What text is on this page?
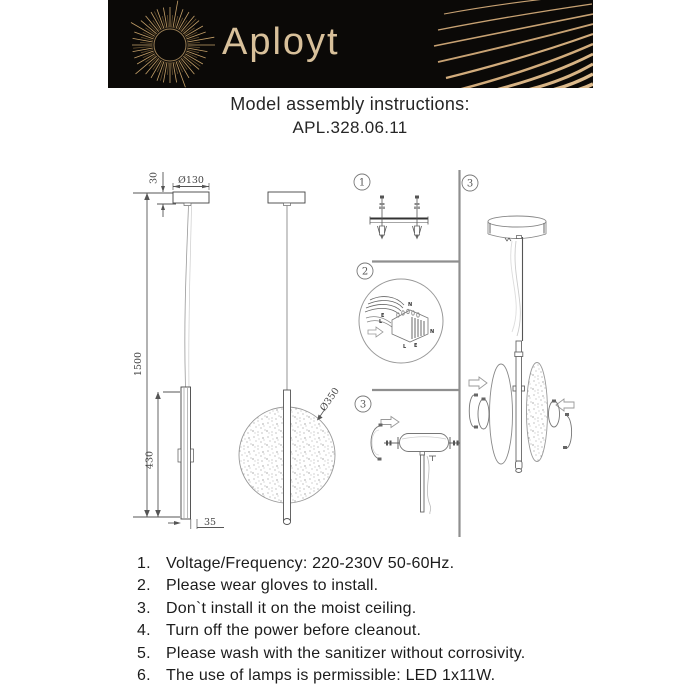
Aployt
Model assembly instructions:
APL.328.06.11
1500
30 Ø130
430
35
Ø350
1
2
N
E
L
N
L E
3
3
1. Voltage/Frequency: 220-230V 50-60Hz.
2. Please wear gloves to install.
3. Don`t install it on the moist ceiling.
4. Turn off the power before cleanout.
5. Please wash with the sanitizer without corrosivity.
6. The use of lamps is permissible: LED 1x11W.
